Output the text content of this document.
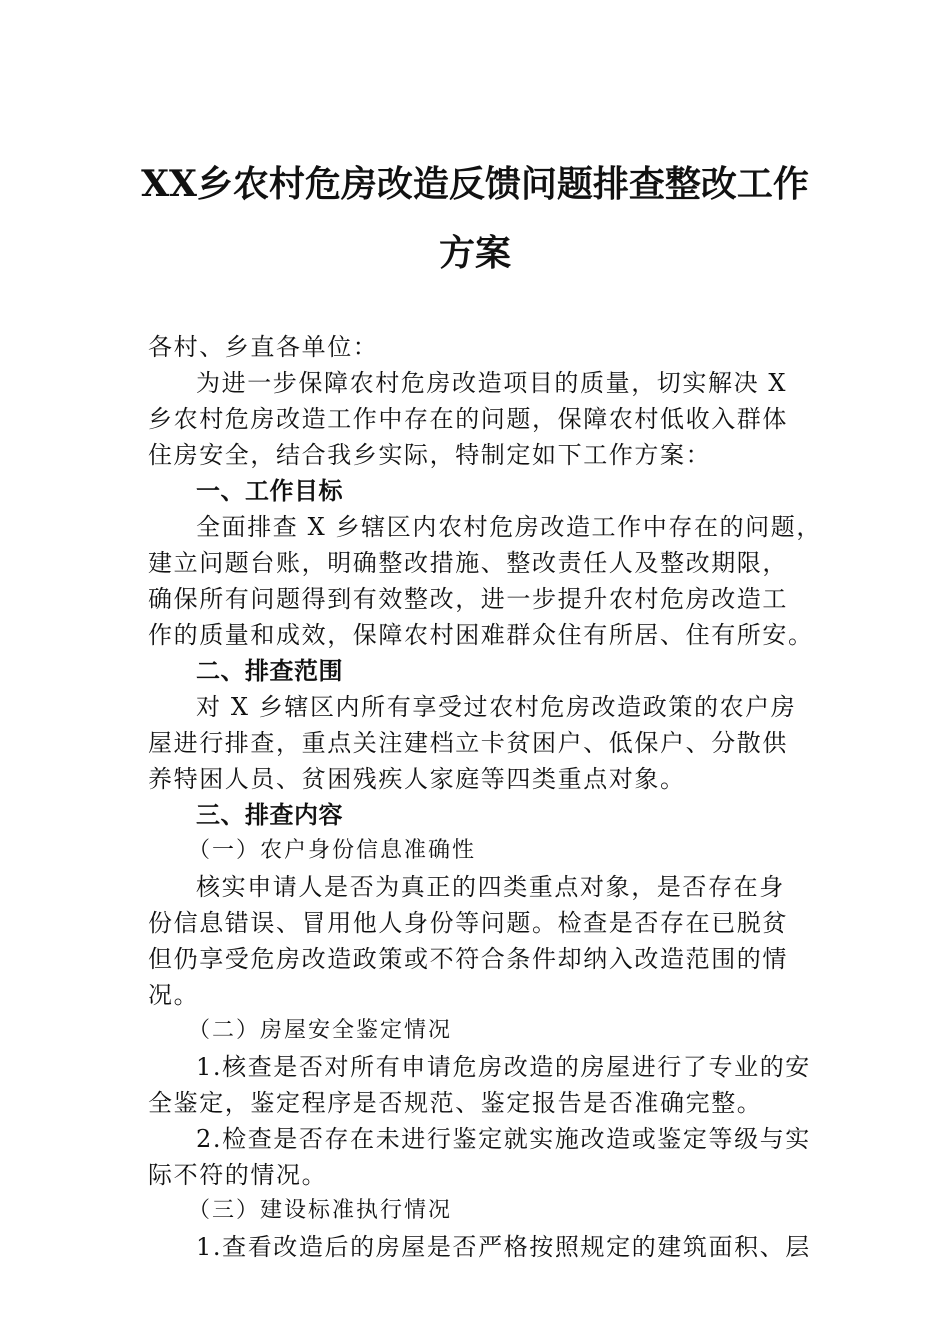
XX乡农村危房改造反馈问题排查整改工作
方案
各村、乡直各单位：
为进一步保障农村危房改造项目的质量，切实解决 X
乡农村危房改造工作中存在的问题，保障农村低收入群体
住房安全，结合我乡实际，特制定如下工作方案：
一、工作目标
全面排查 X 乡辖区内农村危房改造工作中存在的问题，
建立问题台账，明确整改措施、整改责任人及整改期限，
确保所有问题得到有效整改，进一步提升农村危房改造工
作的质量和成效，保障农村困难群众住有所居、住有所安。
二、排查范围
对 X 乡辖区内所有享受过农村危房改造政策的农户房
屋进行排查，重点关注建档立卡贫困户、低保户、分散供
养特困人员、贫困残疾人家庭等四类重点对象。
三、排查内容
（一）农户身份信息准确性
核实申请人是否为真正的四类重点对象，是否存在身
份信息错误、冒用他人身份等问题。检查是否存在已脱贫
但仍享受危房改造政策或不符合条件却纳入改造范围的情
况。
（二）房屋安全鉴定情况
1.核查是否对所有申请危房改造的房屋进行了专业的安
全鉴定，鉴定程序是否规范、鉴定报告是否准确完整。
2.检查是否存在未进行鉴定就实施改造或鉴定等级与实
际不符的情况。
（三）建设标准执行情况
1.查看改造后的房屋是否严格按照规定的建筑面积、层
